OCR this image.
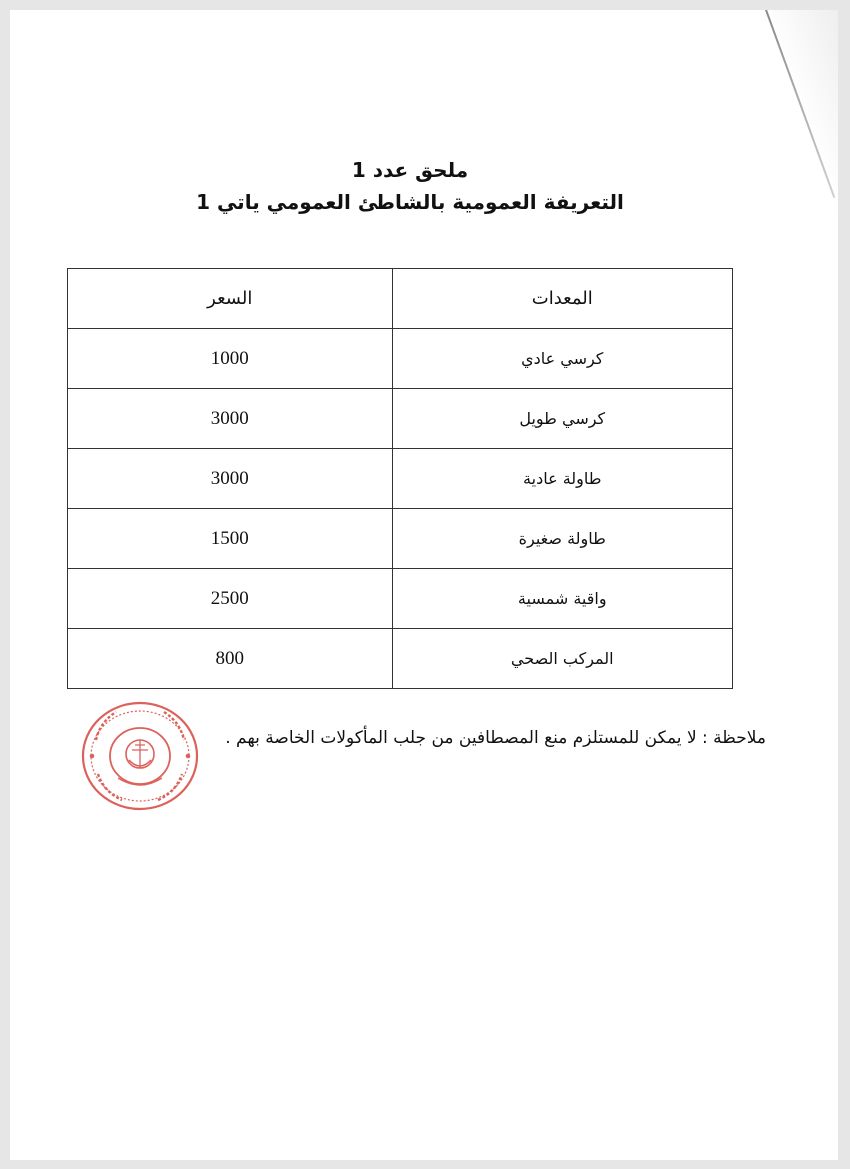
ملحق عدد 1
التعريفة العمومية بالشاطئ العمومي ياتي 1
المعدات	السعر
كرسي عادي	1000
كرسي طويل	3000
طاولة عادية	3000
طاولة صغيرة	1500
واقية شمسية	2500
المركب الصحي	800

ملاحظة : لا يمكن للمستلزم منع المصطافين من جلب المأكولات الخاصة بهم .
